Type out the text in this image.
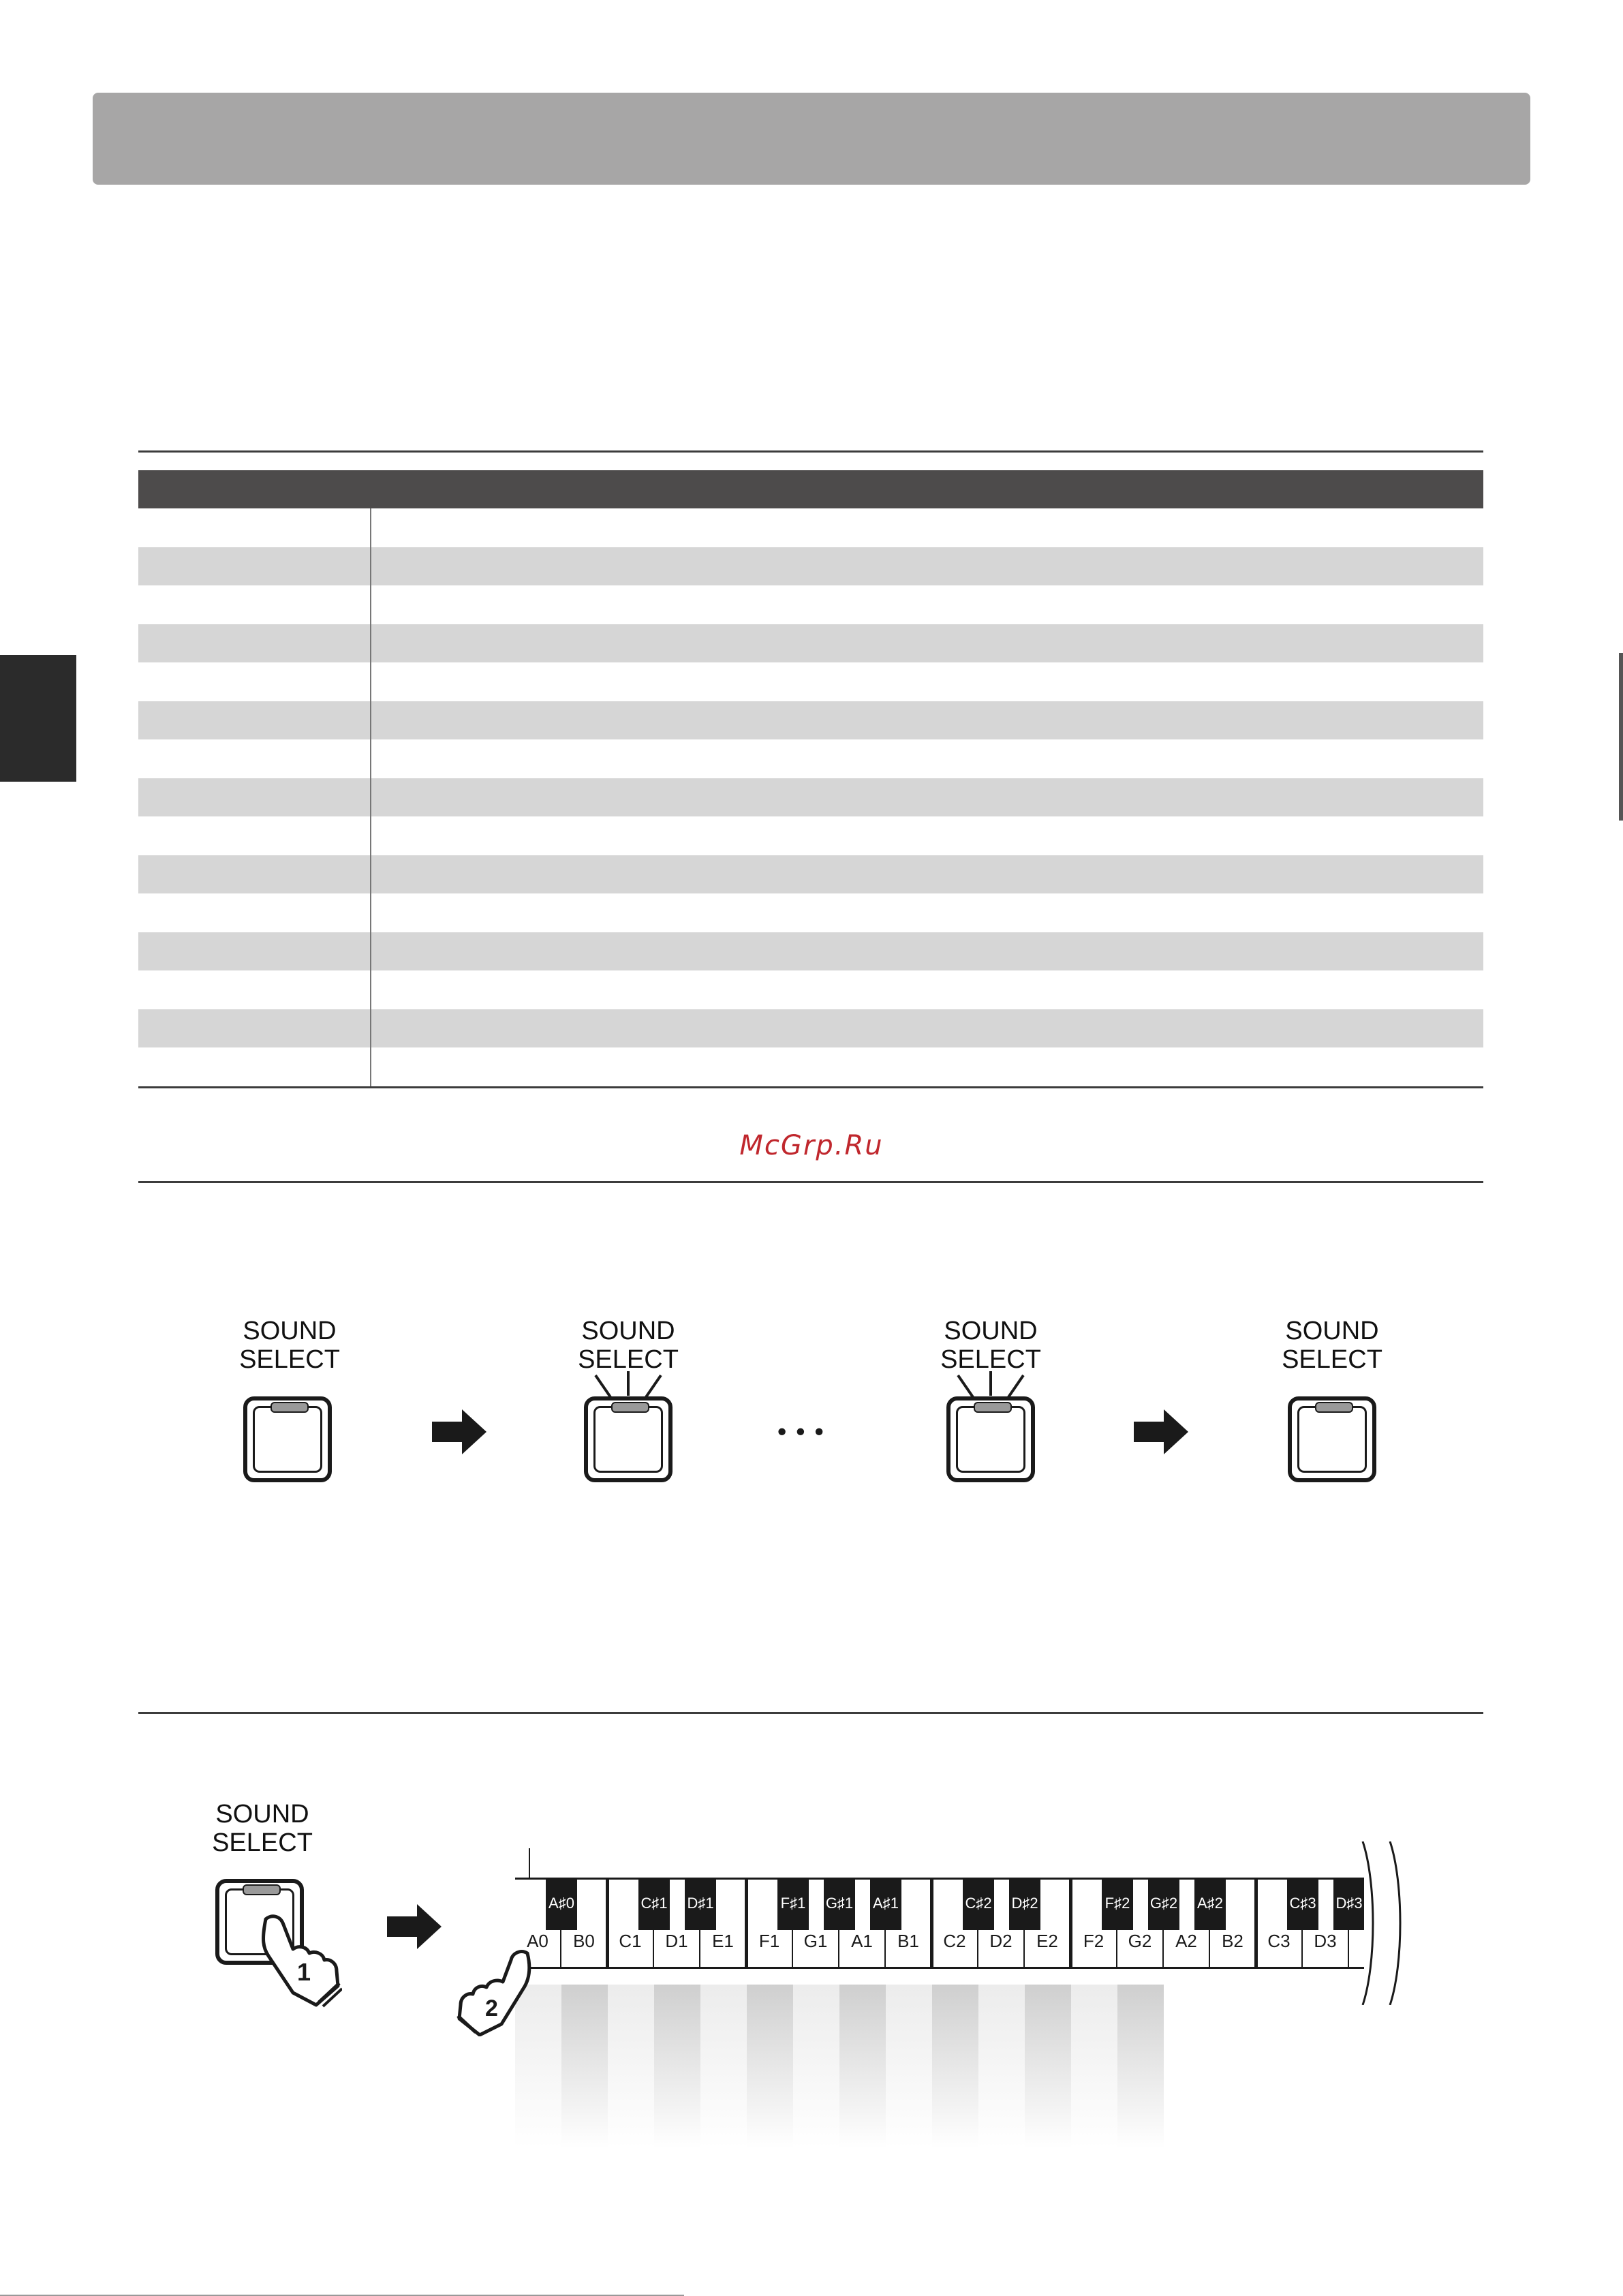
McGrp.Ru
SOUND
SELECT
SOUND
SELECT
•••
SOUND
SELECT
SOUND
SELECT
SOUND
SELECT
1
A0	B0	C1	D1	E1	F1	G1	A1	B1	C2	D2	E2	F2	G2	A2	B2	C3	D3
A♯0	C♯1 D♯1	F♯1 G♯1 A♯1	C♯2 D♯2	F♯2 G♯2 A♯2	C♯3 D♯3
2
